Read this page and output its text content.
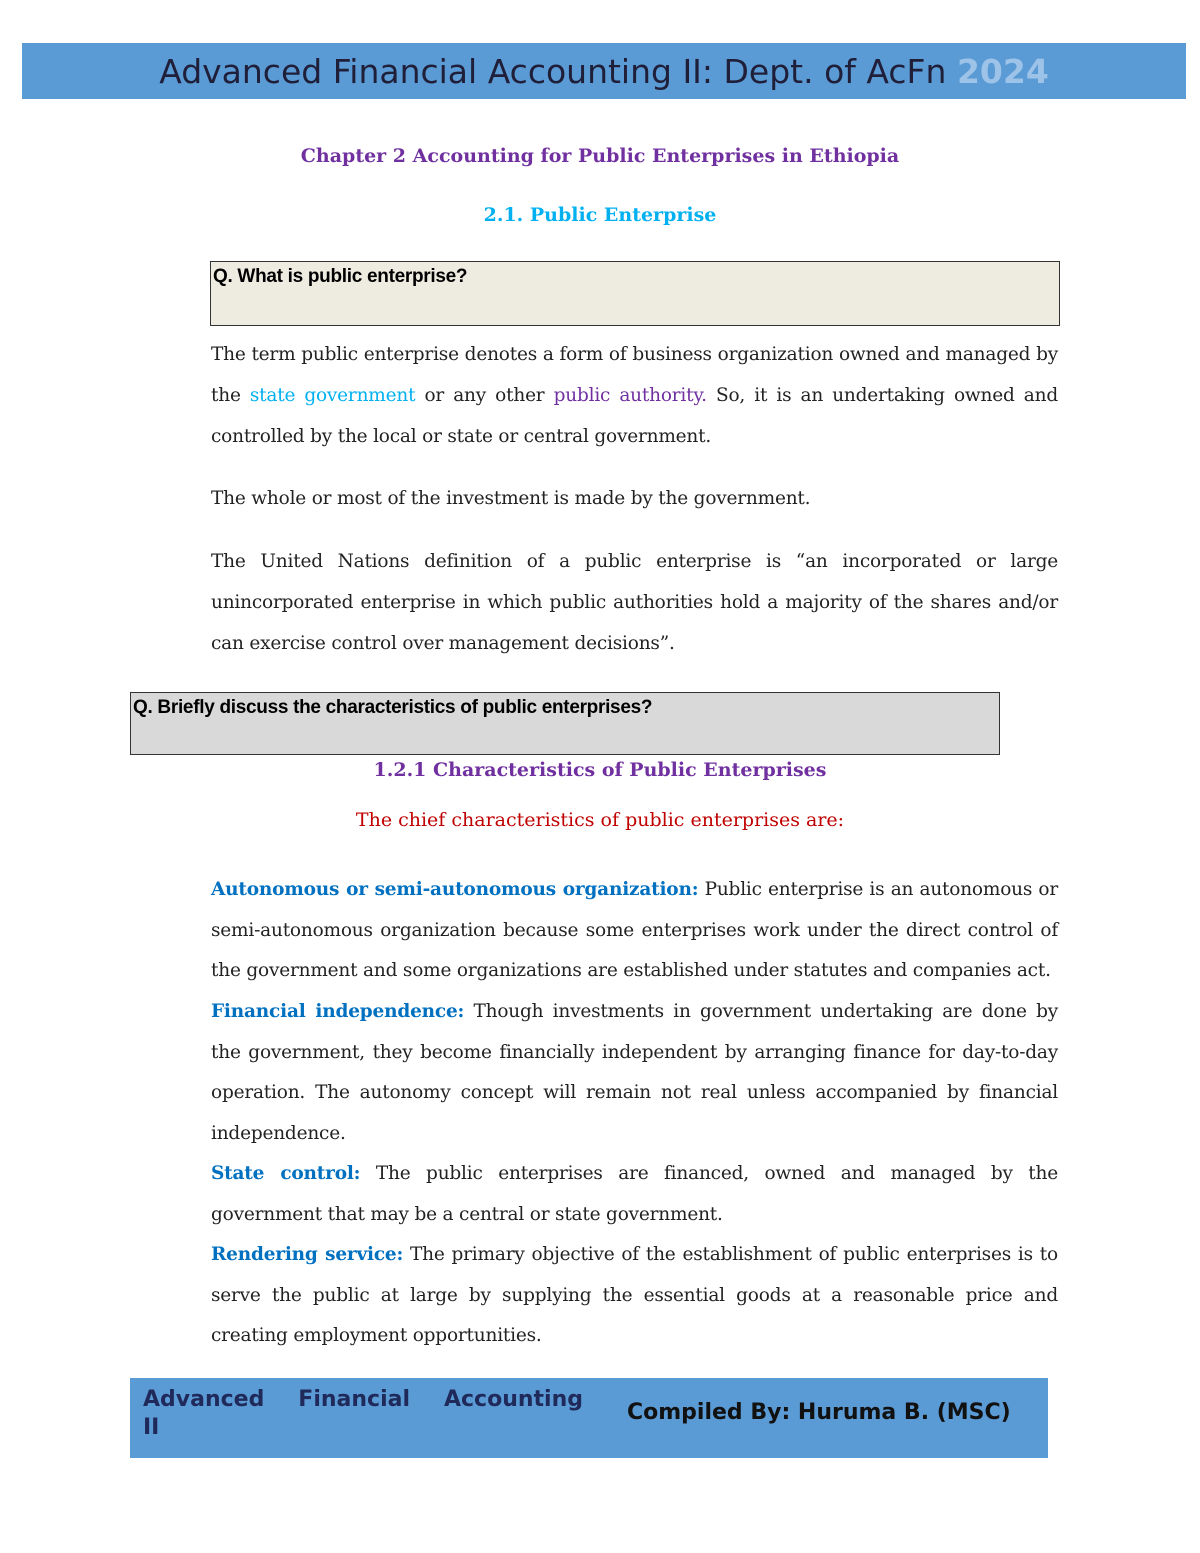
Advanced Financial Accounting II: Dept. of AcFn 2024
Chapter 2 Accounting for Public Enterprises in Ethiopia
2.1. Public Enterprise
Q. What is public enterprise?
The term public enterprise denotes a form of business organization owned and managed by the state government or any other public authority. So, it is an undertaking owned and controlled by the local or state or central government.
The whole or most of the investment is made by the government.
The United Nations definition of a public enterprise is “an incorporated or large unincorporated enterprise in which public authorities hold a majority of the shares and/or can exercise control over management decisions”.
Q. Briefly discuss the characteristics of public enterprises?
1.2.1 Characteristics of Public Enterprises
The chief characteristics of public enterprises are:
Autonomous or semi-autonomous organization: Public enterprise is an autonomous or semi-autonomous organization because some enterprises work under the direct control of the government and some organizations are established under statutes and companies act.
Financial independence: Though investments in government undertaking are done by the government, they become financially independent by arranging finance for day-to-day operation. The autonomy concept will remain not real unless accompanied by financial independence.
State control: The public enterprises are financed, owned and managed by the government that may be a central or state government.
Rendering service: The primary objective of the establishment of public enterprises is to serve the public at large by supplying the essential goods at a reasonable price and creating employment opportunities.
Advanced Financial Accounting
II
Compiled By: Huruma B. (MSC)
